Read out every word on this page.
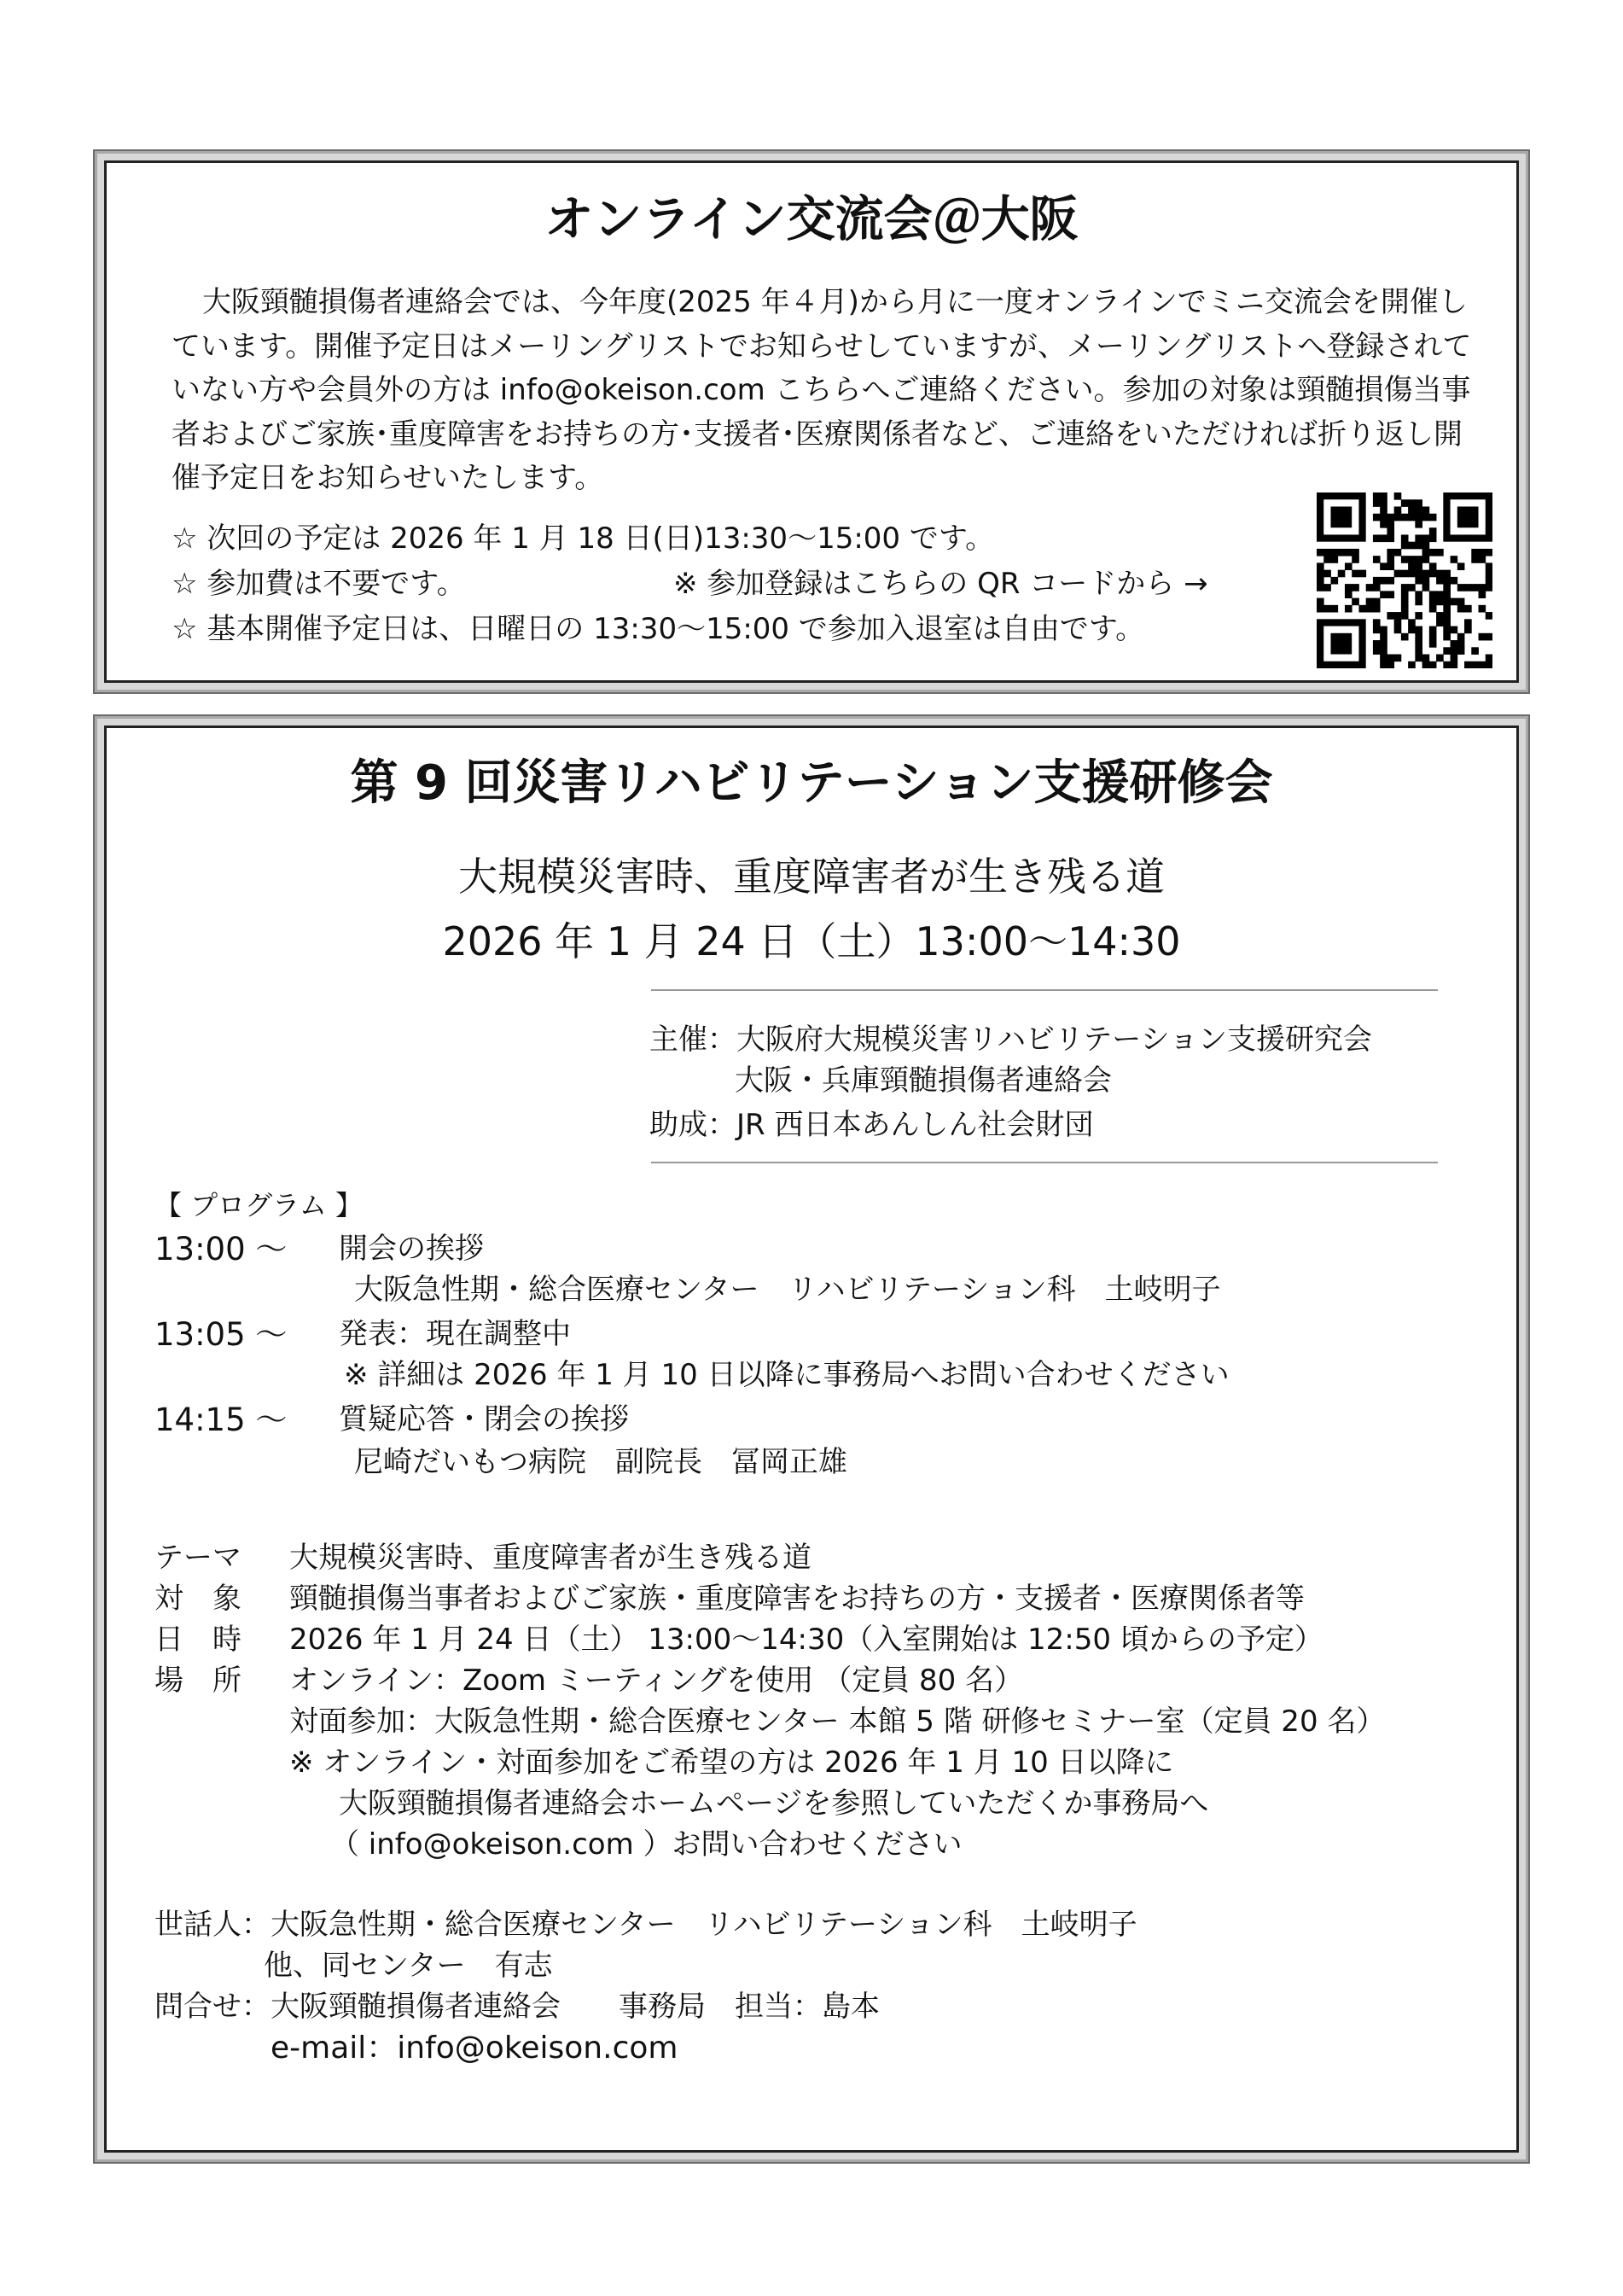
オンライン交流会＠大阪
大阪頸髄損傷者連絡会では、今年度(2025 年４月)から月に一度オンラインでミニ交流会を開催しています。開催予定日はメーリングリストでお知らせしていますが、メーリングリストへ登録されていない方や会員外の方は info@okeison.com こちらへご連絡ください。参加の対象は頸髄損傷当事者およびご家族･重度障害をお持ちの方･支援者･医療関係者など、ご連絡をいただければ折り返し開催予定日をお知らせいたします。
☆ 次回の予定は 2026 年 1 月 18 日(日)13:30～15:00 です。
☆ 参加費は不要です。	※ 参加登録はこちらの QR コードから →
☆ 基本開催予定日は、日曜日の 13:30～15:00 で参加入退室は自由です。
第 9 回災害リハビリテーション支援研修会
大規模災害時、重度障害者が生き残る道
2026 年 1 月 24 日（土）13:00～14:30
主催：大阪府大規模災害リハビリテーション支援研究会
大阪・兵庫頸髄損傷者連絡会
助成：JR 西日本あんしん社会財団
【 プログラム 】
13:00 ～ 開会の挨拶
大阪急性期・総合医療センター　リハビリテーション科　土岐明子
13:05 ～ 発表：現在調整中
※ 詳細は 2026 年 1 月 10 日以降に事務局へお問い合わせください
14:15 ～ 質疑応答・閉会の挨拶
尼崎だいもつ病院　副院長　冨岡正雄
テーマ 大規模災害時、重度障害者が生き残る道
対　象 頸髄損傷当事者およびご家族・重度障害をお持ちの方・支援者・医療関係者等
日　時 2026 年 1 月 24 日（土） 13:00～14:30（入室開始は 12:50 頃からの予定）
場　所 オンライン：Zoom ミーティングを使用 （定員 80 名）
対面参加：大阪急性期・総合医療センター 本館 5 階 研修セミナー室（定員 20 名）
※ オンライン・対面参加をご希望の方は 2026 年 1 月 10 日以降に
大阪頸髄損傷者連絡会ホームページを参照していただくか事務局へ
（ info@okeison.com ）お問い合わせください
世話人：大阪急性期・総合医療センター　リハビリテーション科　土岐明子
他、同センター　有志
問合せ：大阪頸髄損傷者連絡会　　事務局　担当：島本
e-mail：info@okeison.com
